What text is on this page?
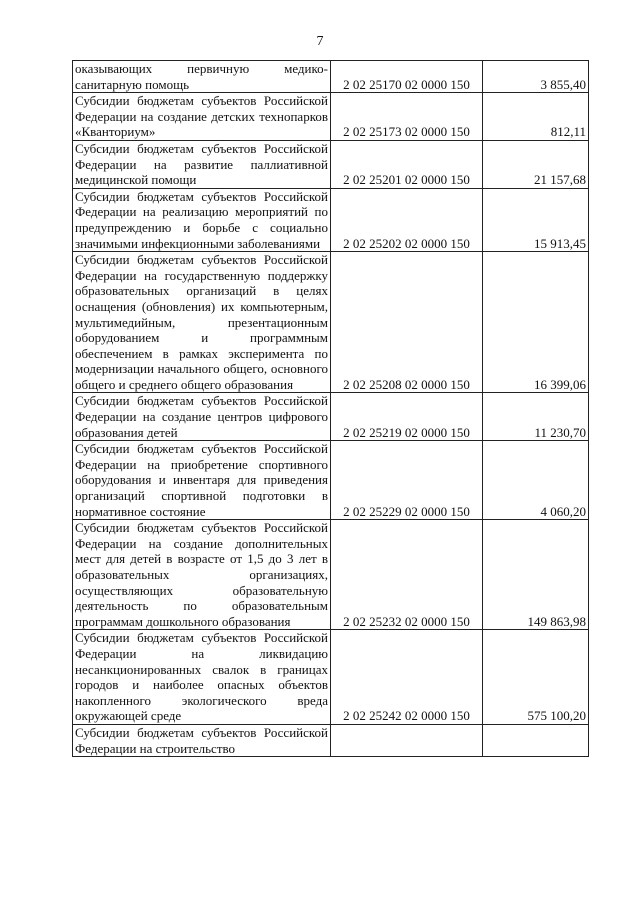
7
оказывающих первичную медико-санитарную помощь	2 02 25170 02 0000 150	3 855,40
Субсидии бюджетам субъектов Российской Федерации на создание детских технопарков «Кванториум»	2 02 25173 02 0000 150	812,11
Субсидии бюджетам субъектов Российской Федерации на развитие паллиативной медицинской помощи	2 02 25201 02 0000 150	21 157,68
Субсидии бюджетам субъектов Российской Федерации на реализацию мероприятий по предупреждению и борьбе с социально значимыми инфекционными заболеваниями	2 02 25202 02 0000 150	15 913,45
Субсидии бюджетам субъектов Российской Федерации на государственную поддержку образовательных организаций в целях оснащения (обновления) их компьютерным, мультимедийным, презентационным оборудованием и программным обеспечением в рамках эксперимента по модернизации начального общего, основного общего и среднего общего образования	2 02 25208 02 0000 150	16 399,06
Субсидии бюджетам субъектов Российской Федерации на создание центров цифрового образования детей	2 02 25219 02 0000 150	11 230,70
Субсидии бюджетам субъектов Российской Федерации на приобретение спортивного оборудования и инвентаря для приведения организаций спортивной подготовки в нормативное состояние	2 02 25229 02 0000 150	4 060,20
Субсидии бюджетам субъектов Российской Федерации на создание дополнительных мест для детей в возрасте от 1,5 до 3 лет в образовательных организациях, осуществляющих образовательную деятельность по образовательным программам дошкольного образования	2 02 25232 02 0000 150	149 863,98
Субсидии бюджетам субъектов Российской Федерации на ликвидацию несанкционированных свалок в границах городов и наиболее опасных объектов накопленного экологического вреда окружающей среде	2 02 25242 02 0000 150	575 100,20
Субсидии бюджетам субъектов Российской Федерации на строительство		
